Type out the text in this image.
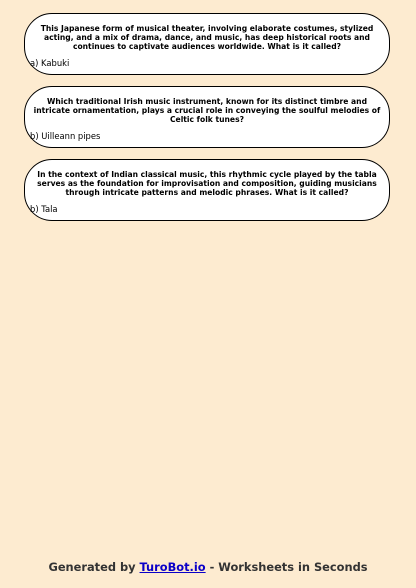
This Japanese form of musical theater, involving elaborate costumes, stylized acting, and a mix of drama, dance, and music, has deep historical roots and continues to captivate audiences worldwide. What is it called?
a) Kabuki
Which traditional Irish music instrument, known for its distinct timbre and intricate ornamentation, plays a crucial role in conveying the soulful melodies of Celtic folk tunes?
b) Uilleann pipes
In the context of Indian classical music, this rhythmic cycle played by the tabla serves as the foundation for improvisation and composition, guiding musicians through intricate patterns and melodic phrases. What is it called?
b) Tala
Generated by TuroBot.io - Worksheets in Seconds
